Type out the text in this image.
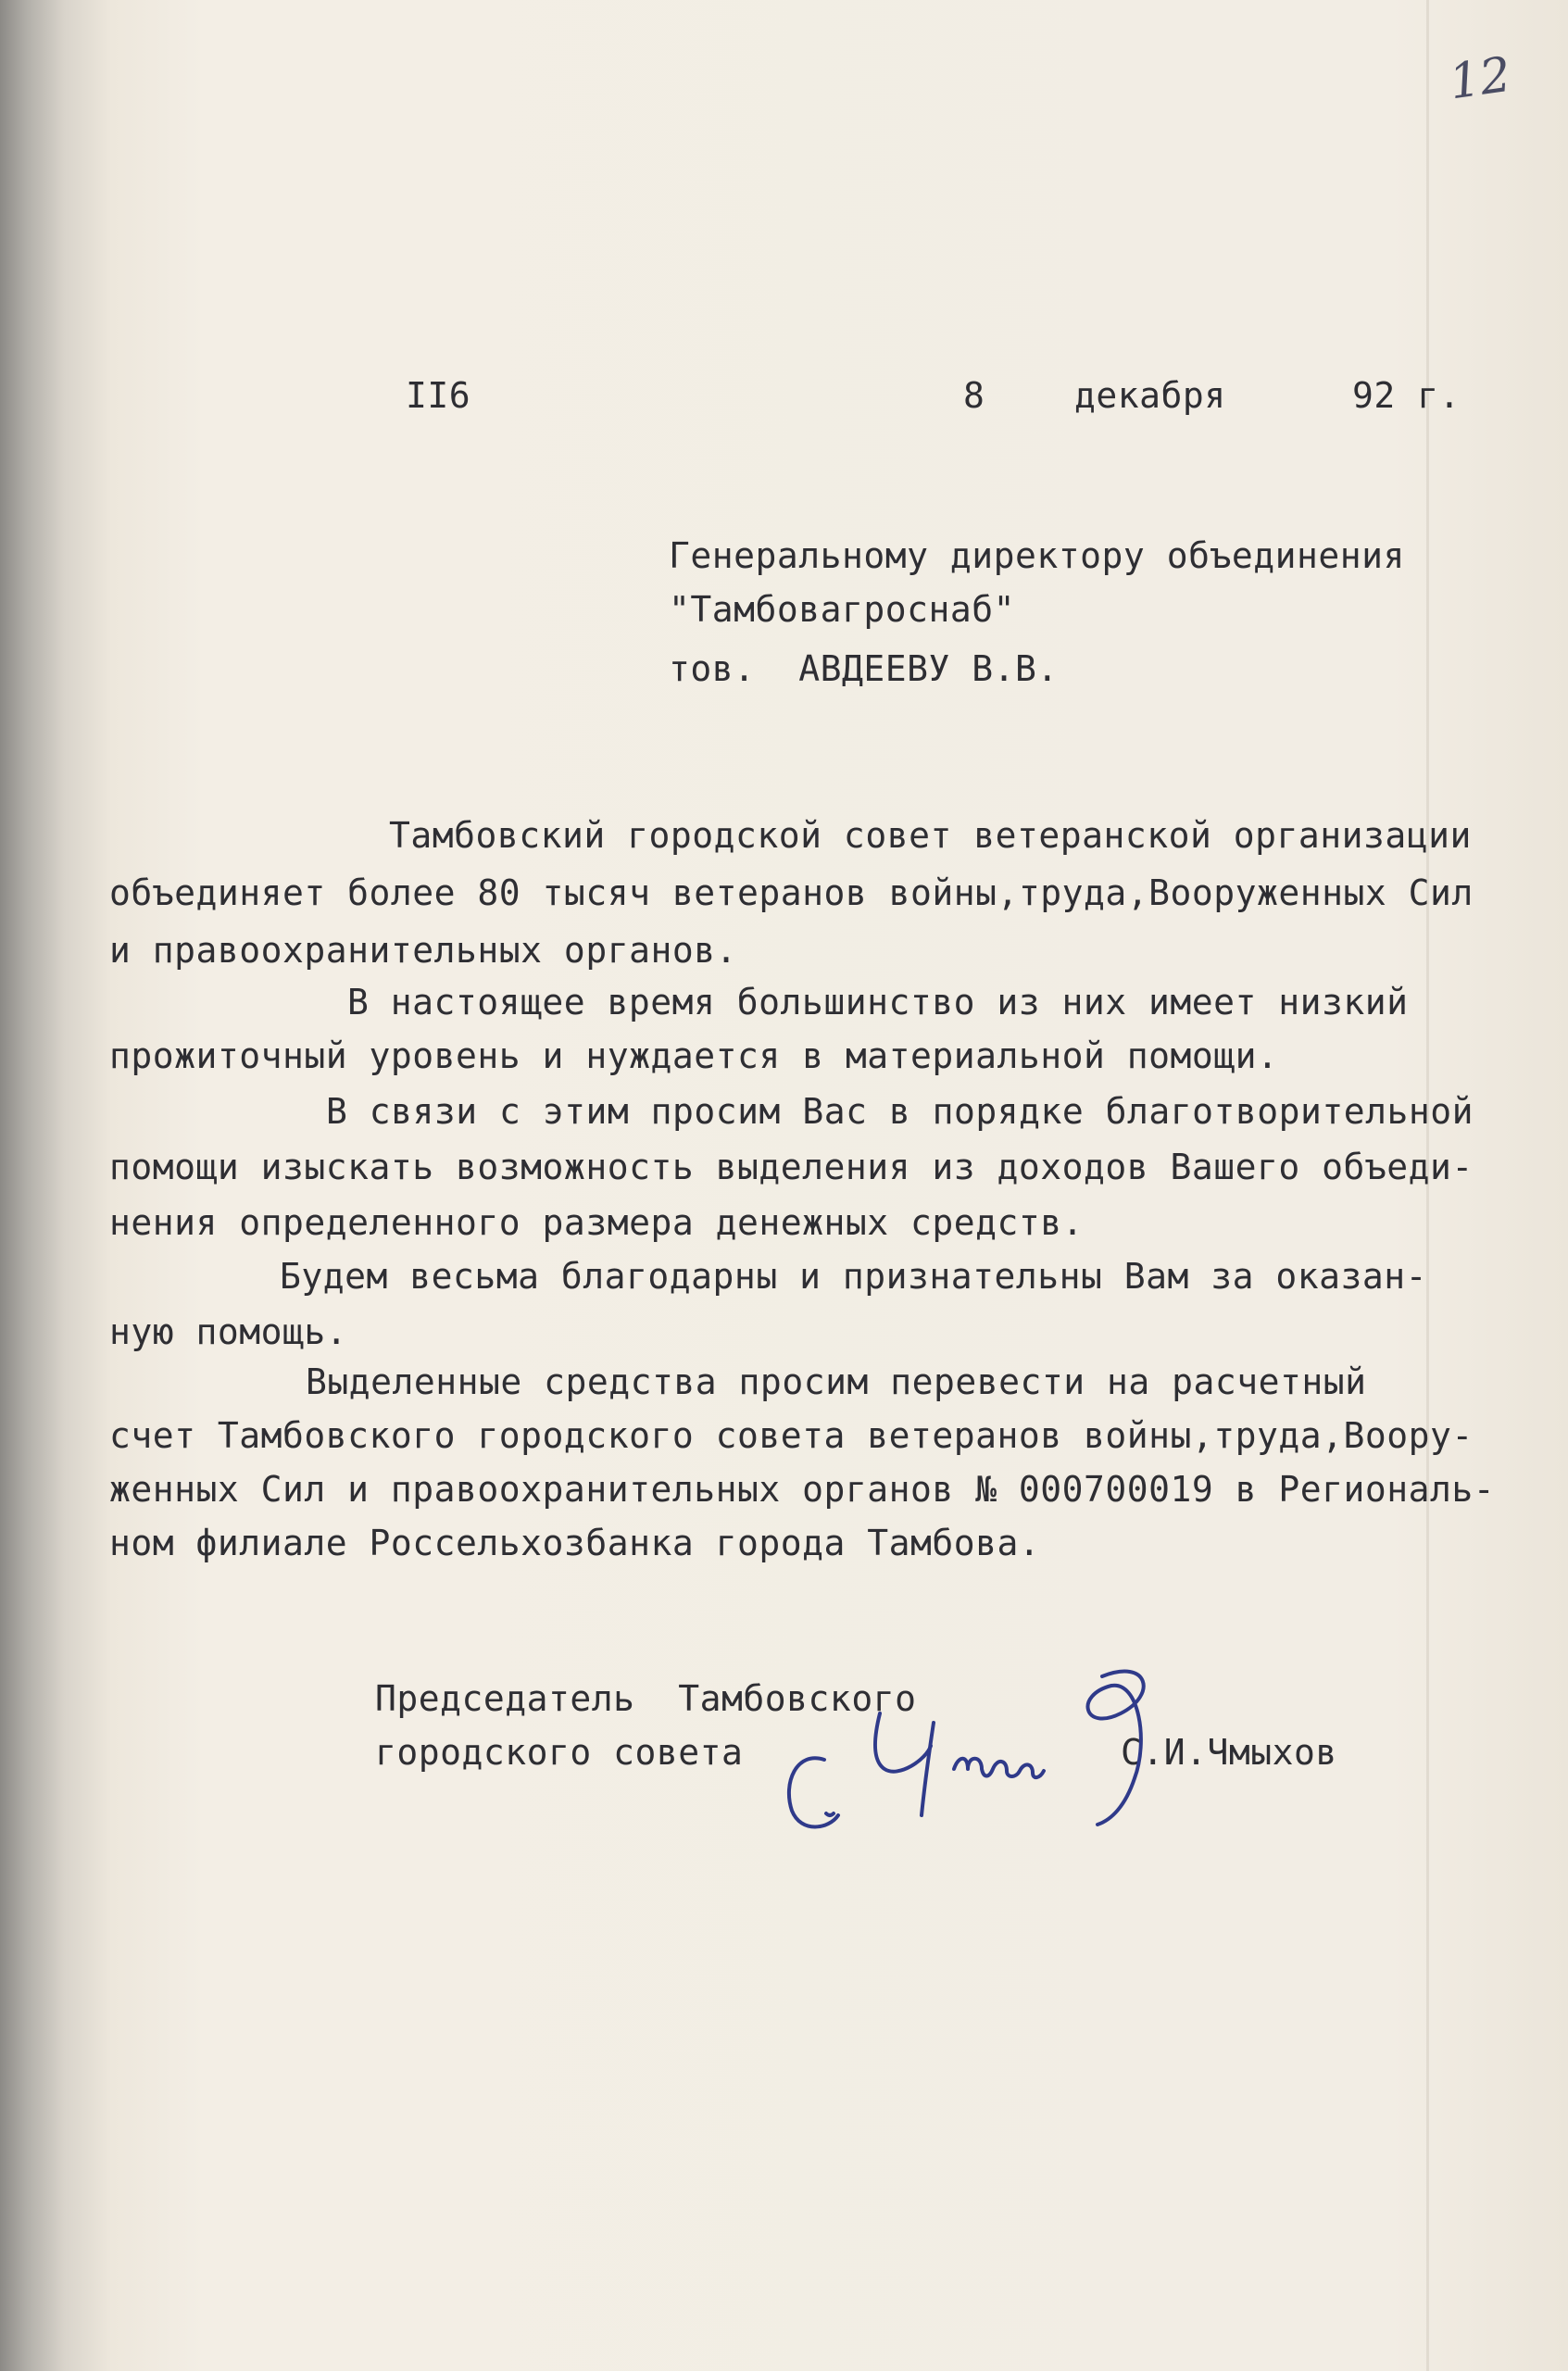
12
II6	8	декабря	92 г.
Генеральному директору объединения
"Тамбовагроснаб"
тов.  АВДЕЕВУ В.В.
Тамбовский городской совет ветеранской организации
объединяет более 80 тысяч ветеранов войны,труда,Вооруженных Сил
и правоохранительных органов.
В настоящее время большинство из них имеет низкий
прожиточный уровень и нуждается в материальной помощи.
В связи с этим просим Вас в порядке благотворительной
помощи изыскать возможность выделения из доходов Вашего объеди-
нения определенного размера денежных средств.
Будем весьма благодарны и признательны Вам за оказан-
ную помощь.
Выделенные средства просим перевести на расчетный
счет Тамбовского городского совета ветеранов войны,труда,Воору-
женных Сил и правоохранительных органов № 000700019 в Региональ-
ном филиале Россельхозбанка города Тамбова.
Председатель  Тамбовского
городского совета	С.И.Чмыхов
